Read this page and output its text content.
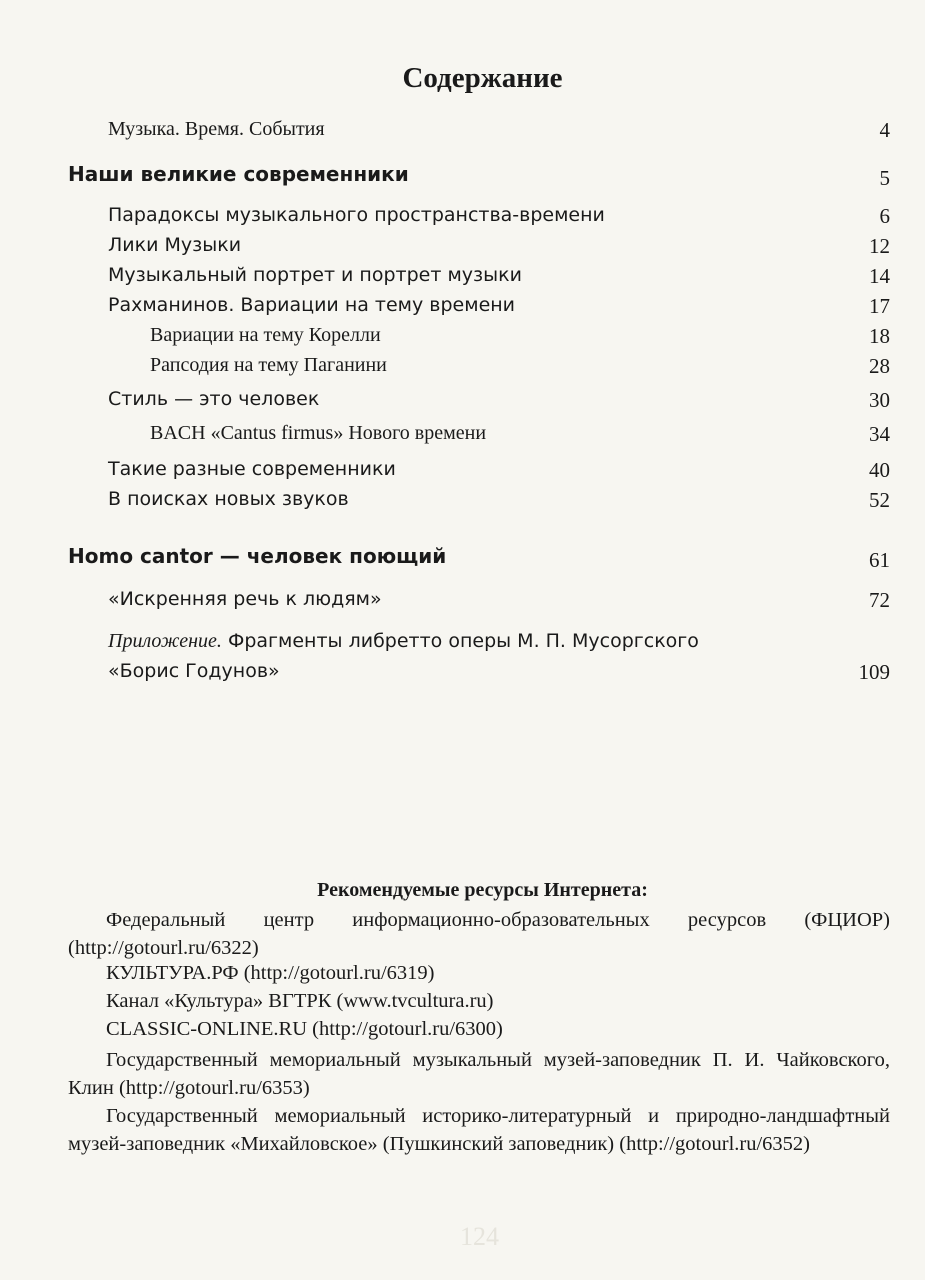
124
Содержание
Музыка. Время. События	4
Наши великие современники	5
Парадоксы музыкального пространства-времени	6
Лики Музыки	12
Музыкальный портрет и портрет музыки	14
Рахманинов. Вариации на тему времени	17
Вариации на тему Корелли	18
Рапсодия на тему Паганини	28
Стиль — это человек	30
BACH «Cantus firmus» Нового времени	34
Такие разные современники	40
В поисках новых звуков	52
Homo cantor — человек поющий	61
«Искренняя речь к людям»	72
Приложение. Фрагменты либретто оперы М. П. Мусоргского
«Борис Годунов»	109
Рекомендуемые ресурсы Интернета:
Федеральный центр информационно-образовательных ресурсов (ФЦИОР) (http://gotourl.ru/6322)
КУЛЬТУРА.РФ (http://gotourl.ru/6319)
Канал «Культура» ВГТРК (www.tvcultura.ru)
CLASSIC-ONLINE.RU (http://gotourl.ru/6300)
Государственный мемориальный музыкальный музей-заповедник П. И. Чайковского, Клин (http://gotourl.ru/6353)
Государственный мемориальный историко-литературный и природно-ландшафтный музей-заповедник «Михайловское» (Пушкинский заповедник) (http://gotourl.ru/6352)
